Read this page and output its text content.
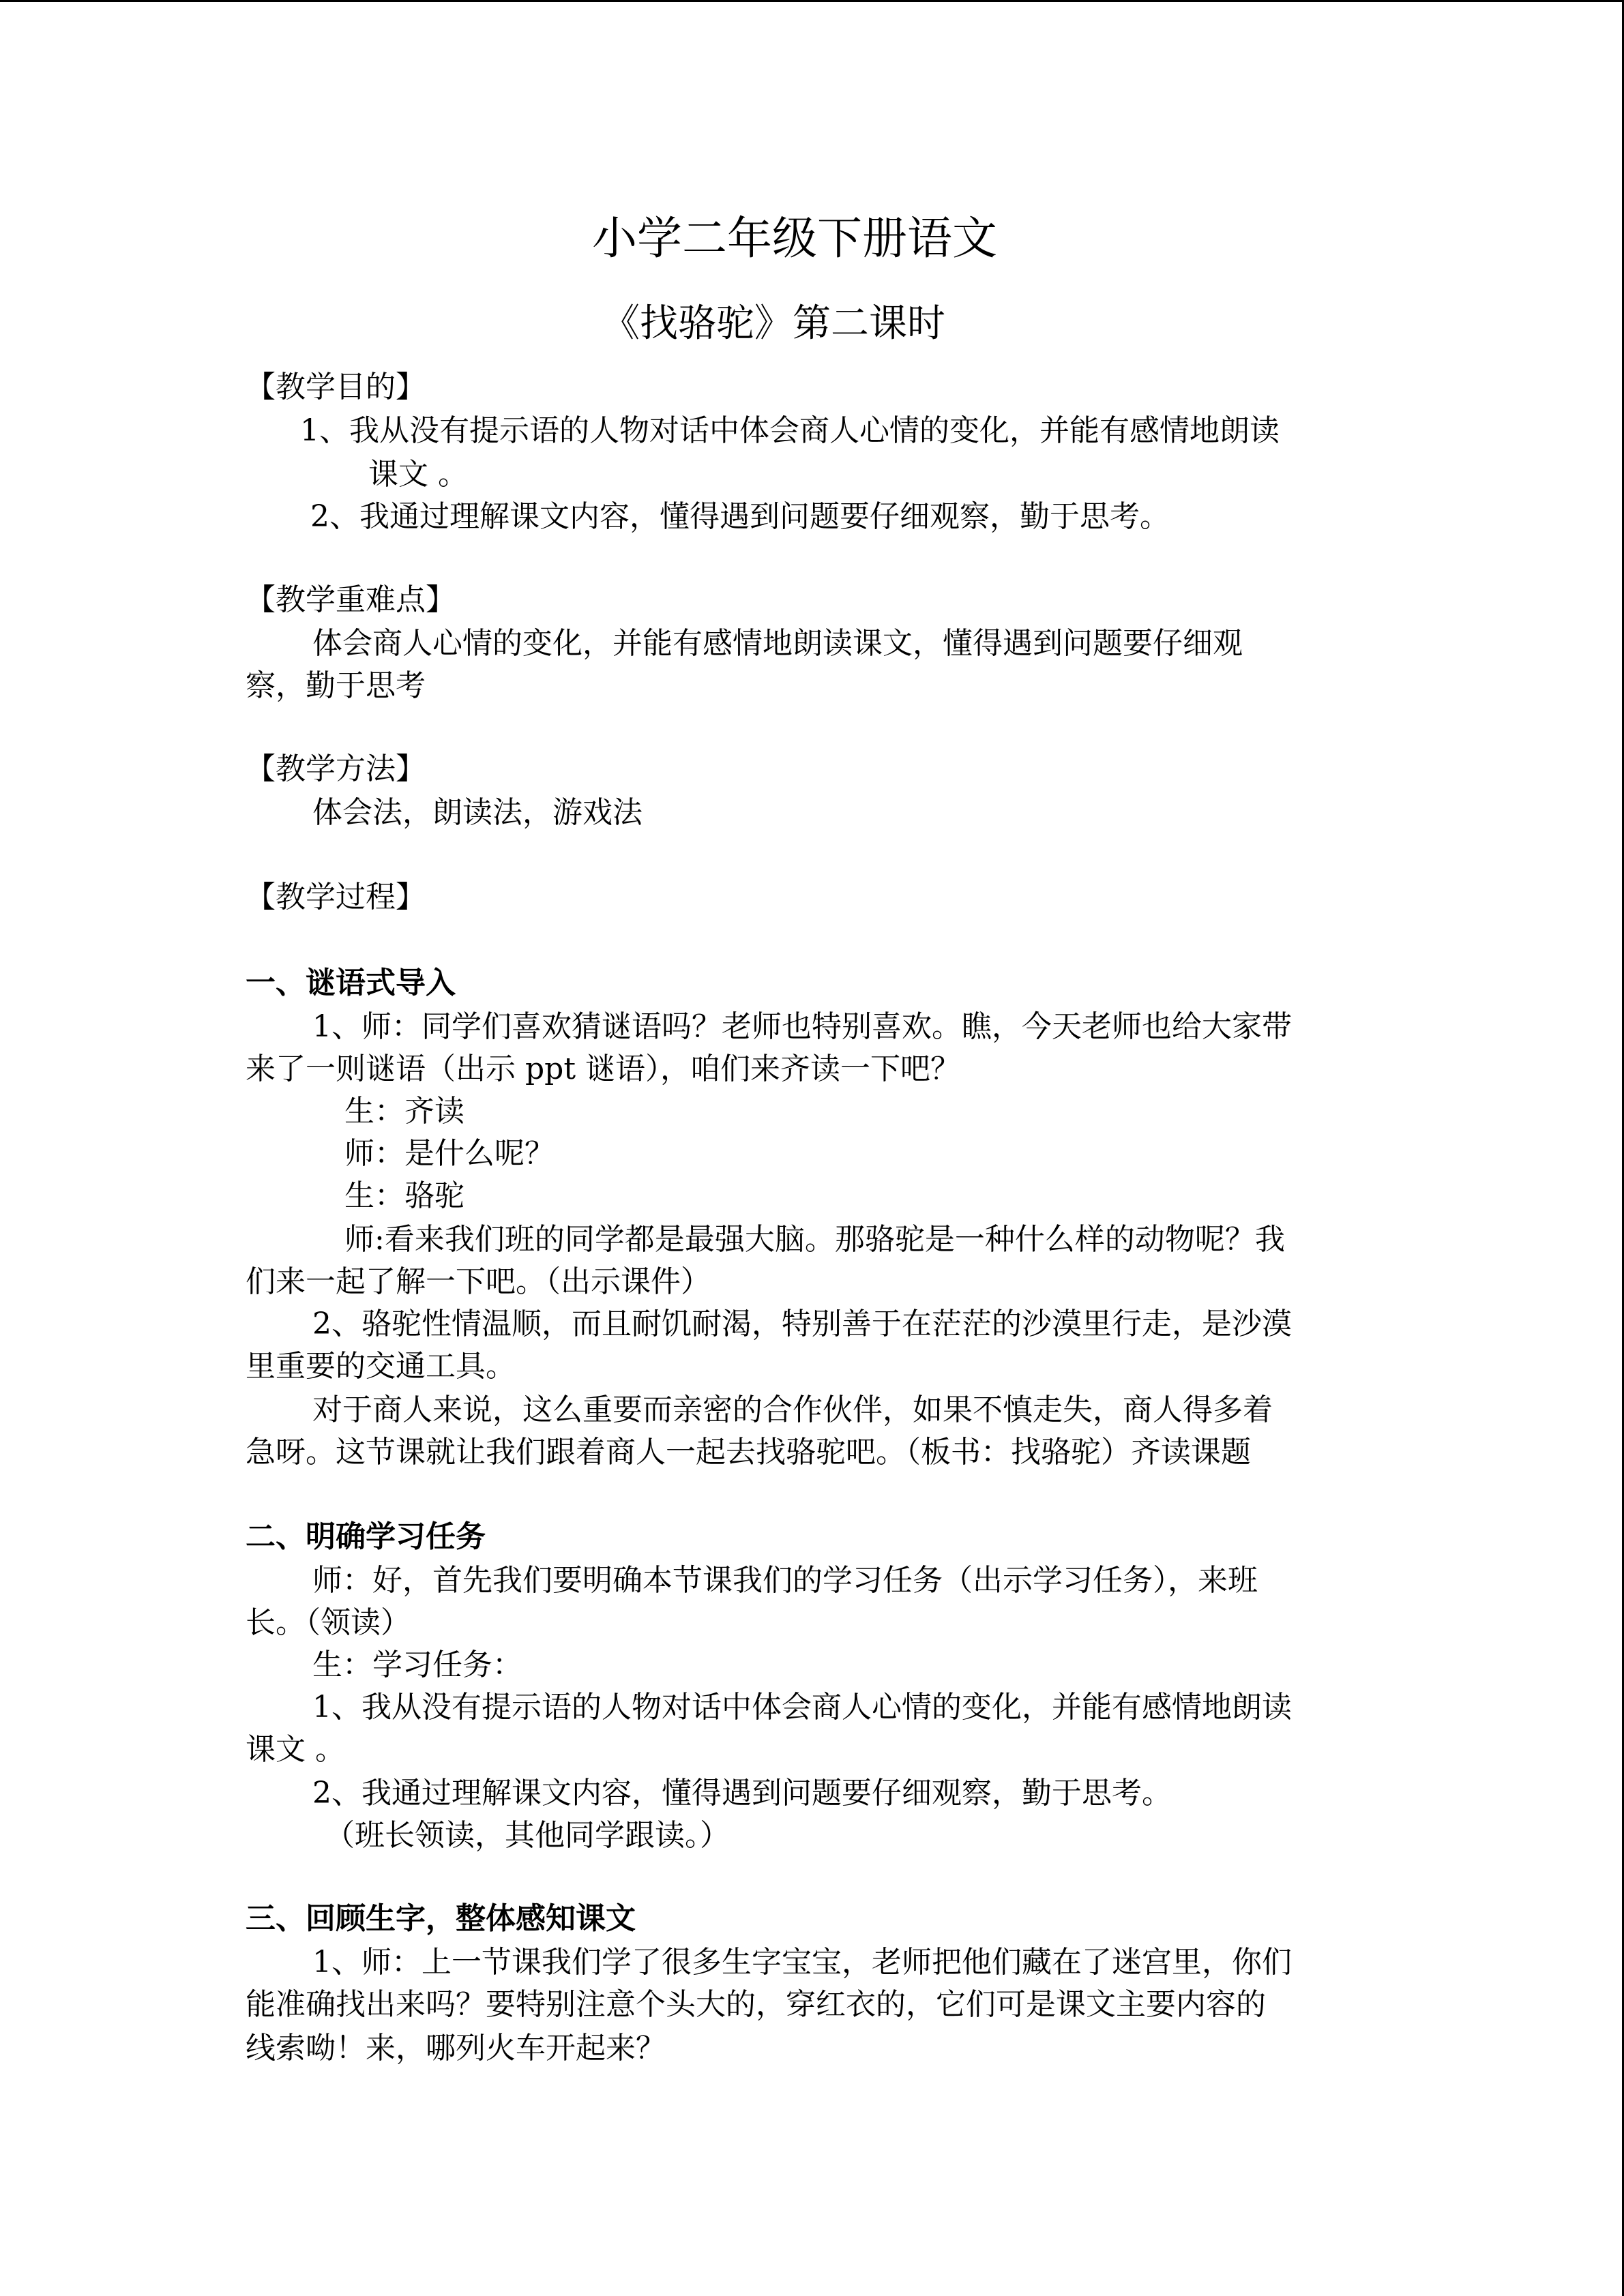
小学二年级下册语文
《找骆驼》第二课时
【教学目的】
1、我从没有提示语的人物对话中体会商人心情的变化，并能有感情地朗读
课文 。
2、我通过理解课文内容，懂得遇到问题要仔细观察，勤于思考。
【教学重难点】
体会商人心情的变化，并能有感情地朗读课文，懂得遇到问题要仔细观
察，勤于思考
【教学方法】
体会法，朗读法，游戏法
【教学过程】
一、谜语式导入
1、师：同学们喜欢猜谜语吗？老师也特别喜欢。瞧，今天老师也给大家带
来了一则谜语（出示 ppt 谜语），咱们来齐读一下吧？
生：齐读
师：是什么呢？
生：骆驼
师:看来我们班的同学都是最强大脑。那骆驼是一种什么样的动物呢？我
们来一起了解一下吧。（出示课件）
2、骆驼性情温顺，而且耐饥耐渴，特别善于在茫茫的沙漠里行走，是沙漠
里重要的交通工具。
对于商人来说，这么重要而亲密的合作伙伴，如果不慎走失，商人得多着
急呀。这节课就让我们跟着商人一起去找骆驼吧。（板书：找骆驼）齐读课题
二、明确学习任务
师：好，首先我们要明确本节课我们的学习任务（出示学习任务），来班
长。（领读）
生：学习任务：
1、我从没有提示语的人物对话中体会商人心情的变化，并能有感情地朗读
课文 。
2、我通过理解课文内容，懂得遇到问题要仔细观察，勤于思考。
（班长领读，其他同学跟读。）
三、回顾生字，整体感知课文
1、师：上一节课我们学了很多生字宝宝，老师把他们藏在了迷宫里，你们
能准确找出来吗？要特别注意个头大的，穿红衣的，它们可是课文主要内容的
线索呦！来，哪列火车开起来？
